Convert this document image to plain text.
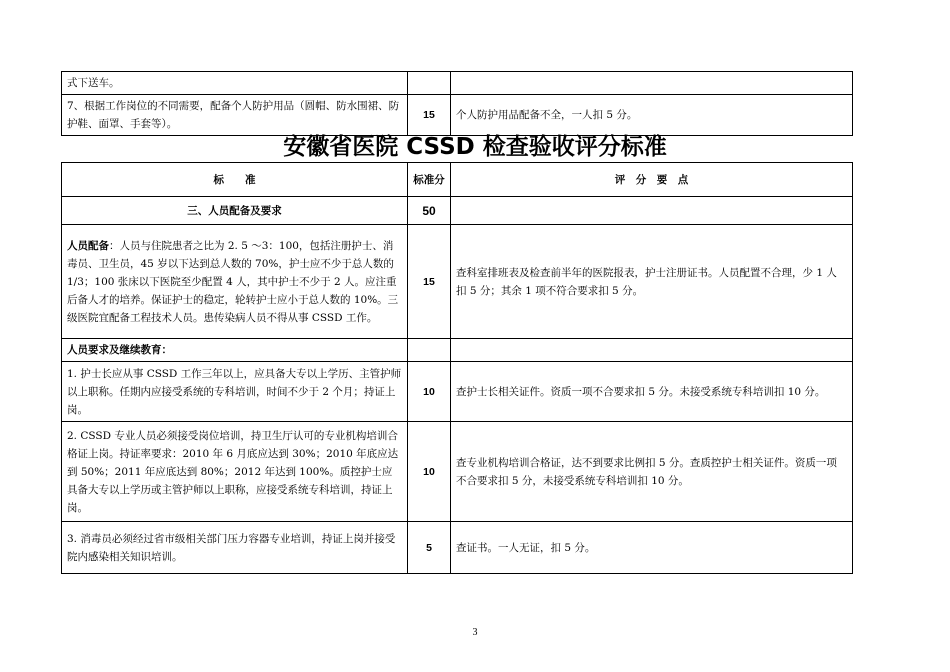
式下送车。		
7、根据工作岗位的不同需要，配备个人防护用品（圆帽、防水围裙、防护鞋、面罩、手套等）。	15	个人防护用品配备不全，一人扣 5 分。
安徽省医院 CSSD 检查验收评分标准
标　　准	标准分	评　分　要　点
三、人员配备及要求	50	
人员配备：人员与住院患者之比为 2. 5 ～3：100，包括注册护士、消毒员、卫生员，45 岁以下达到总人数的 70%，护士应不少于总人数的 1/3；100 张床以下医院至少配置 4 人，其中护士不少于 2 人。应注重后备人才的培养。保证护士的稳定，轮转护士应小于总人数的 10%。三级医院宜配备工程技术人员。患传染病人员不得从事 CSSD 工作。	15	查科室排班表及检查前半年的医院报表，护士注册证书。人员配置不合理，少 1 人扣 5 分；其余 1 项不符合要求扣 5 分。
人员要求及继续教育：		
1. 护士长应从事 CSSD 工作三年以上，应具备大专以上学历、主管护师以上职称。任期内应接受系统的专科培训，时间不少于 2 个月；持证上岗。	10	查护士长相关证件。资质一项不合要求扣 5 分。未接受系统专科培训扣 10 分。
2. CSSD 专业人员必须接受岗位培训，持卫生厅认可的专业机构培训合格证上岗。持证率要求：2010 年 6 月底应达到 30%；2010 年底应达到 50%；2011 年应底达到 80%；2012 年达到 100%。质控护士应具备大专以上学历或主管护师以上职称，应接受系统专科培训，持证上岗。	10	查专业机构培训合格证，达不到要求比例扣 5 分。查质控护士相关证件。资质一项不合要求扣 5 分，未接受系统专科培训扣 10 分。
3. 消毒员必须经过省市级相关部门压力容器专业培训，持证上岗并接受院内感染相关知识培训。	5	查证书。一人无证，扣 5 分。
3
